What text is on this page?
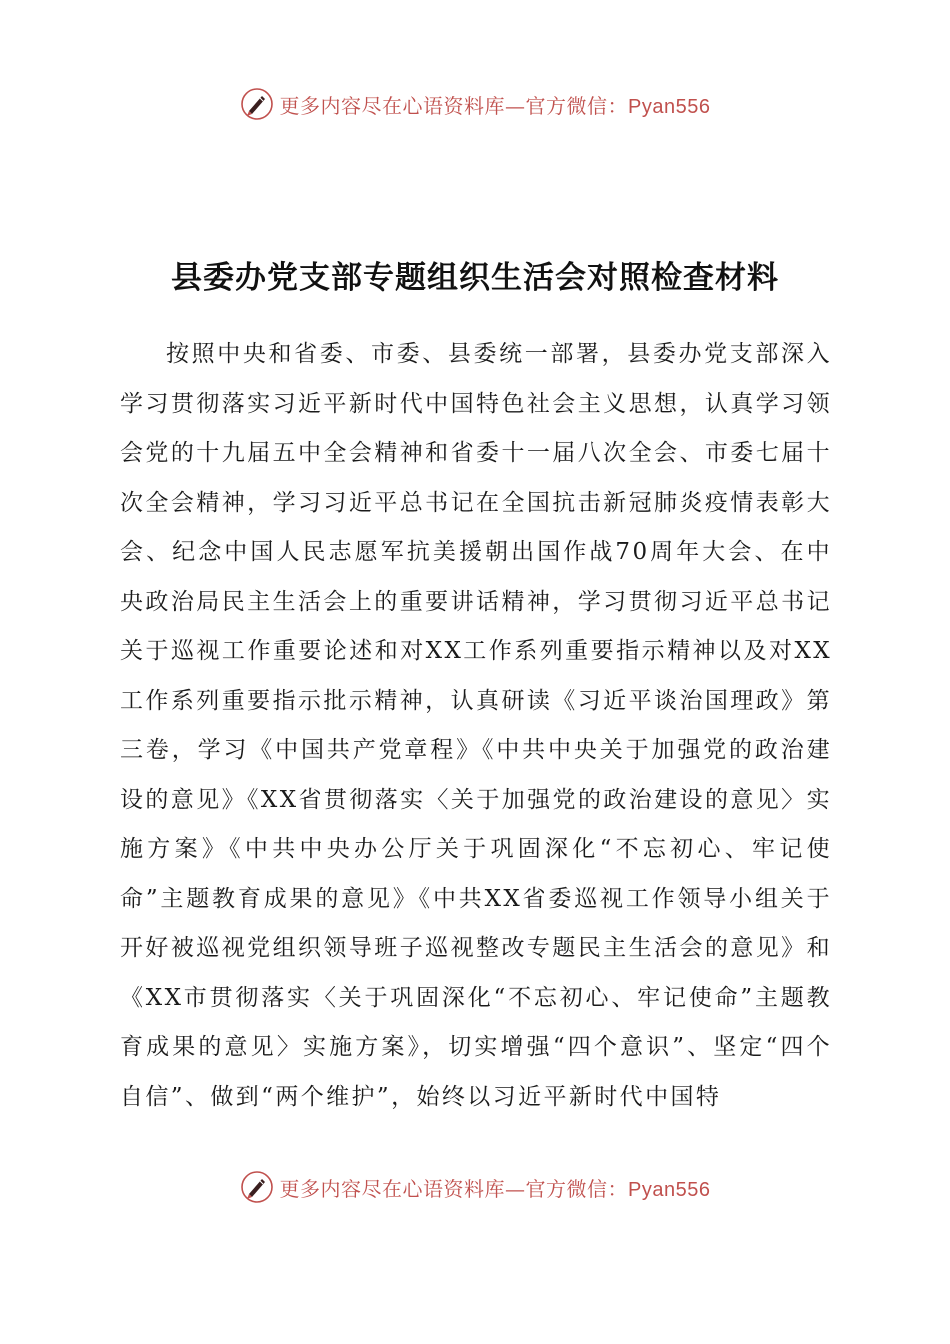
更多内容尽在心语资料库—官方微信：Pyan556
县委办党支部专题组织生活会对照检查材料
按照中央和省委、市委、县委统一部署，县委办党支部深入学习贯彻落实习近平新时代中国特色社会主义思想，认真学习领会党的十九届五中全会精神和省委十一届八次全会、市委七届十次全会精神，学习习近平总书记在全国抗击新冠肺炎疫情表彰大会、纪念中国人民志愿军抗美援朝出国作战70周年大会、在中央政治局民主生活会上的重要讲话精神，学习贯彻习近平总书记关于巡视工作重要论述和对XX工作系列重要指示精神以及对XX工作系列重要指示批示精神，认真研读《习近平谈治国理政》第三卷，学习《中国共产党章程》《中共中央关于加强党的政治建设的意见》《XX省贯彻落实〈关于加强党的政治建设的意见〉实施方案》《中共中央办公厅关于巩固深化“不忘初心、牢记使命”主题教育成果的意见》《中共XX省委巡视工作领导小组关于开好被巡视党组织领导班子巡视整改专题民主生活会的意见》和《XX市贯彻落实〈关于巩固深化“不忘初心、牢记使命”主题教育成果的意见〉实施方案》，切实增强“四个意识”、坚定“四个自信”、做到“两个维护”，始终以习近平新时代中国特
更多内容尽在心语资料库—官方微信：Pyan556
